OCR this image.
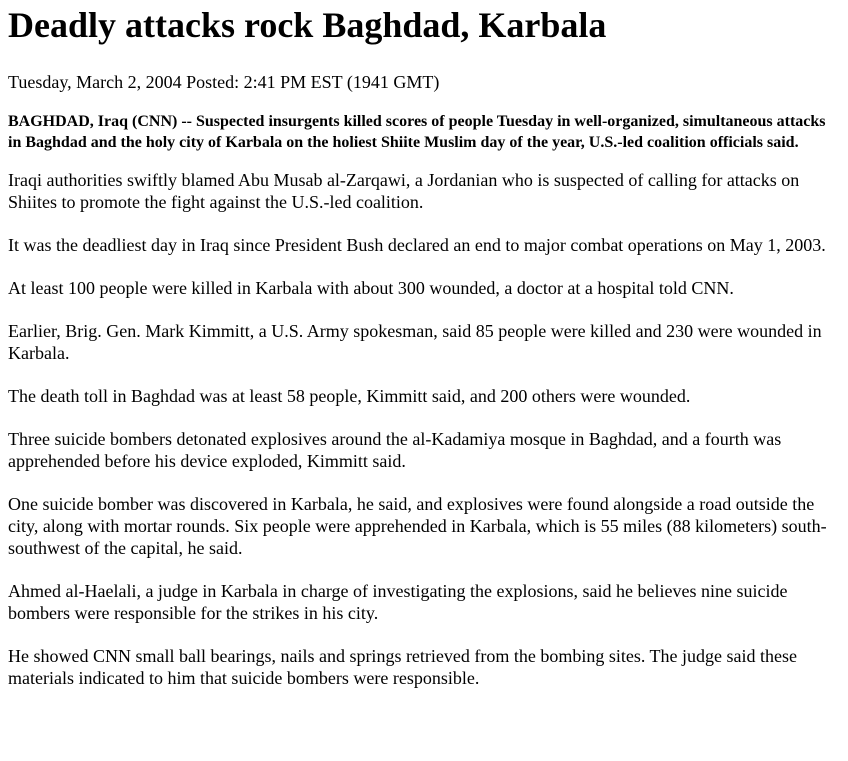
Deadly attacks rock Baghdad, Karbala

Tuesday, March 2, 2004 Posted: 2:41 PM EST (1941 GMT)

BAGHDAD, Iraq (CNN) -- Suspected insurgents killed scores of people Tuesday in well-organized, simultaneous attacks in Baghdad and the holy city of Karbala on the holiest Shiite Muslim day of the year, U.S.-led coalition officials said.

Iraqi authorities swiftly blamed Abu Musab al-Zarqawi, a Jordanian who is suspected of calling for attacks on Shiites to promote the fight against the U.S.-led coalition.

It was the deadliest day in Iraq since President Bush declared an end to major combat operations on May 1, 2003.

At least 100 people were killed in Karbala with about 300 wounded, a doctor at a hospital told CNN.

Earlier, Brig. Gen. Mark Kimmitt, a U.S. Army spokesman, said 85 people were killed and 230 were wounded in Karbala.

The death toll in Baghdad was at least 58 people, Kimmitt said, and 200 others were wounded.

Three suicide bombers detonated explosives around the al-Kadamiya mosque in Baghdad, and a fourth was apprehended before his device exploded, Kimmitt said.

One suicide bomber was discovered in Karbala, he said, and explosives were found alongside a road outside the city, along with mortar rounds. Six people were apprehended in Karbala, which is 55 miles (88 kilometers) south-southwest of the capital, he said.

Ahmed al-Haelali, a judge in Karbala in charge of investigating the explosions, said he believes nine suicide bombers were responsible for the strikes in his city.

He showed CNN small ball bearings, nails and springs retrieved from the bombing sites. The judge said these materials indicated to him that suicide bombers were responsible.
